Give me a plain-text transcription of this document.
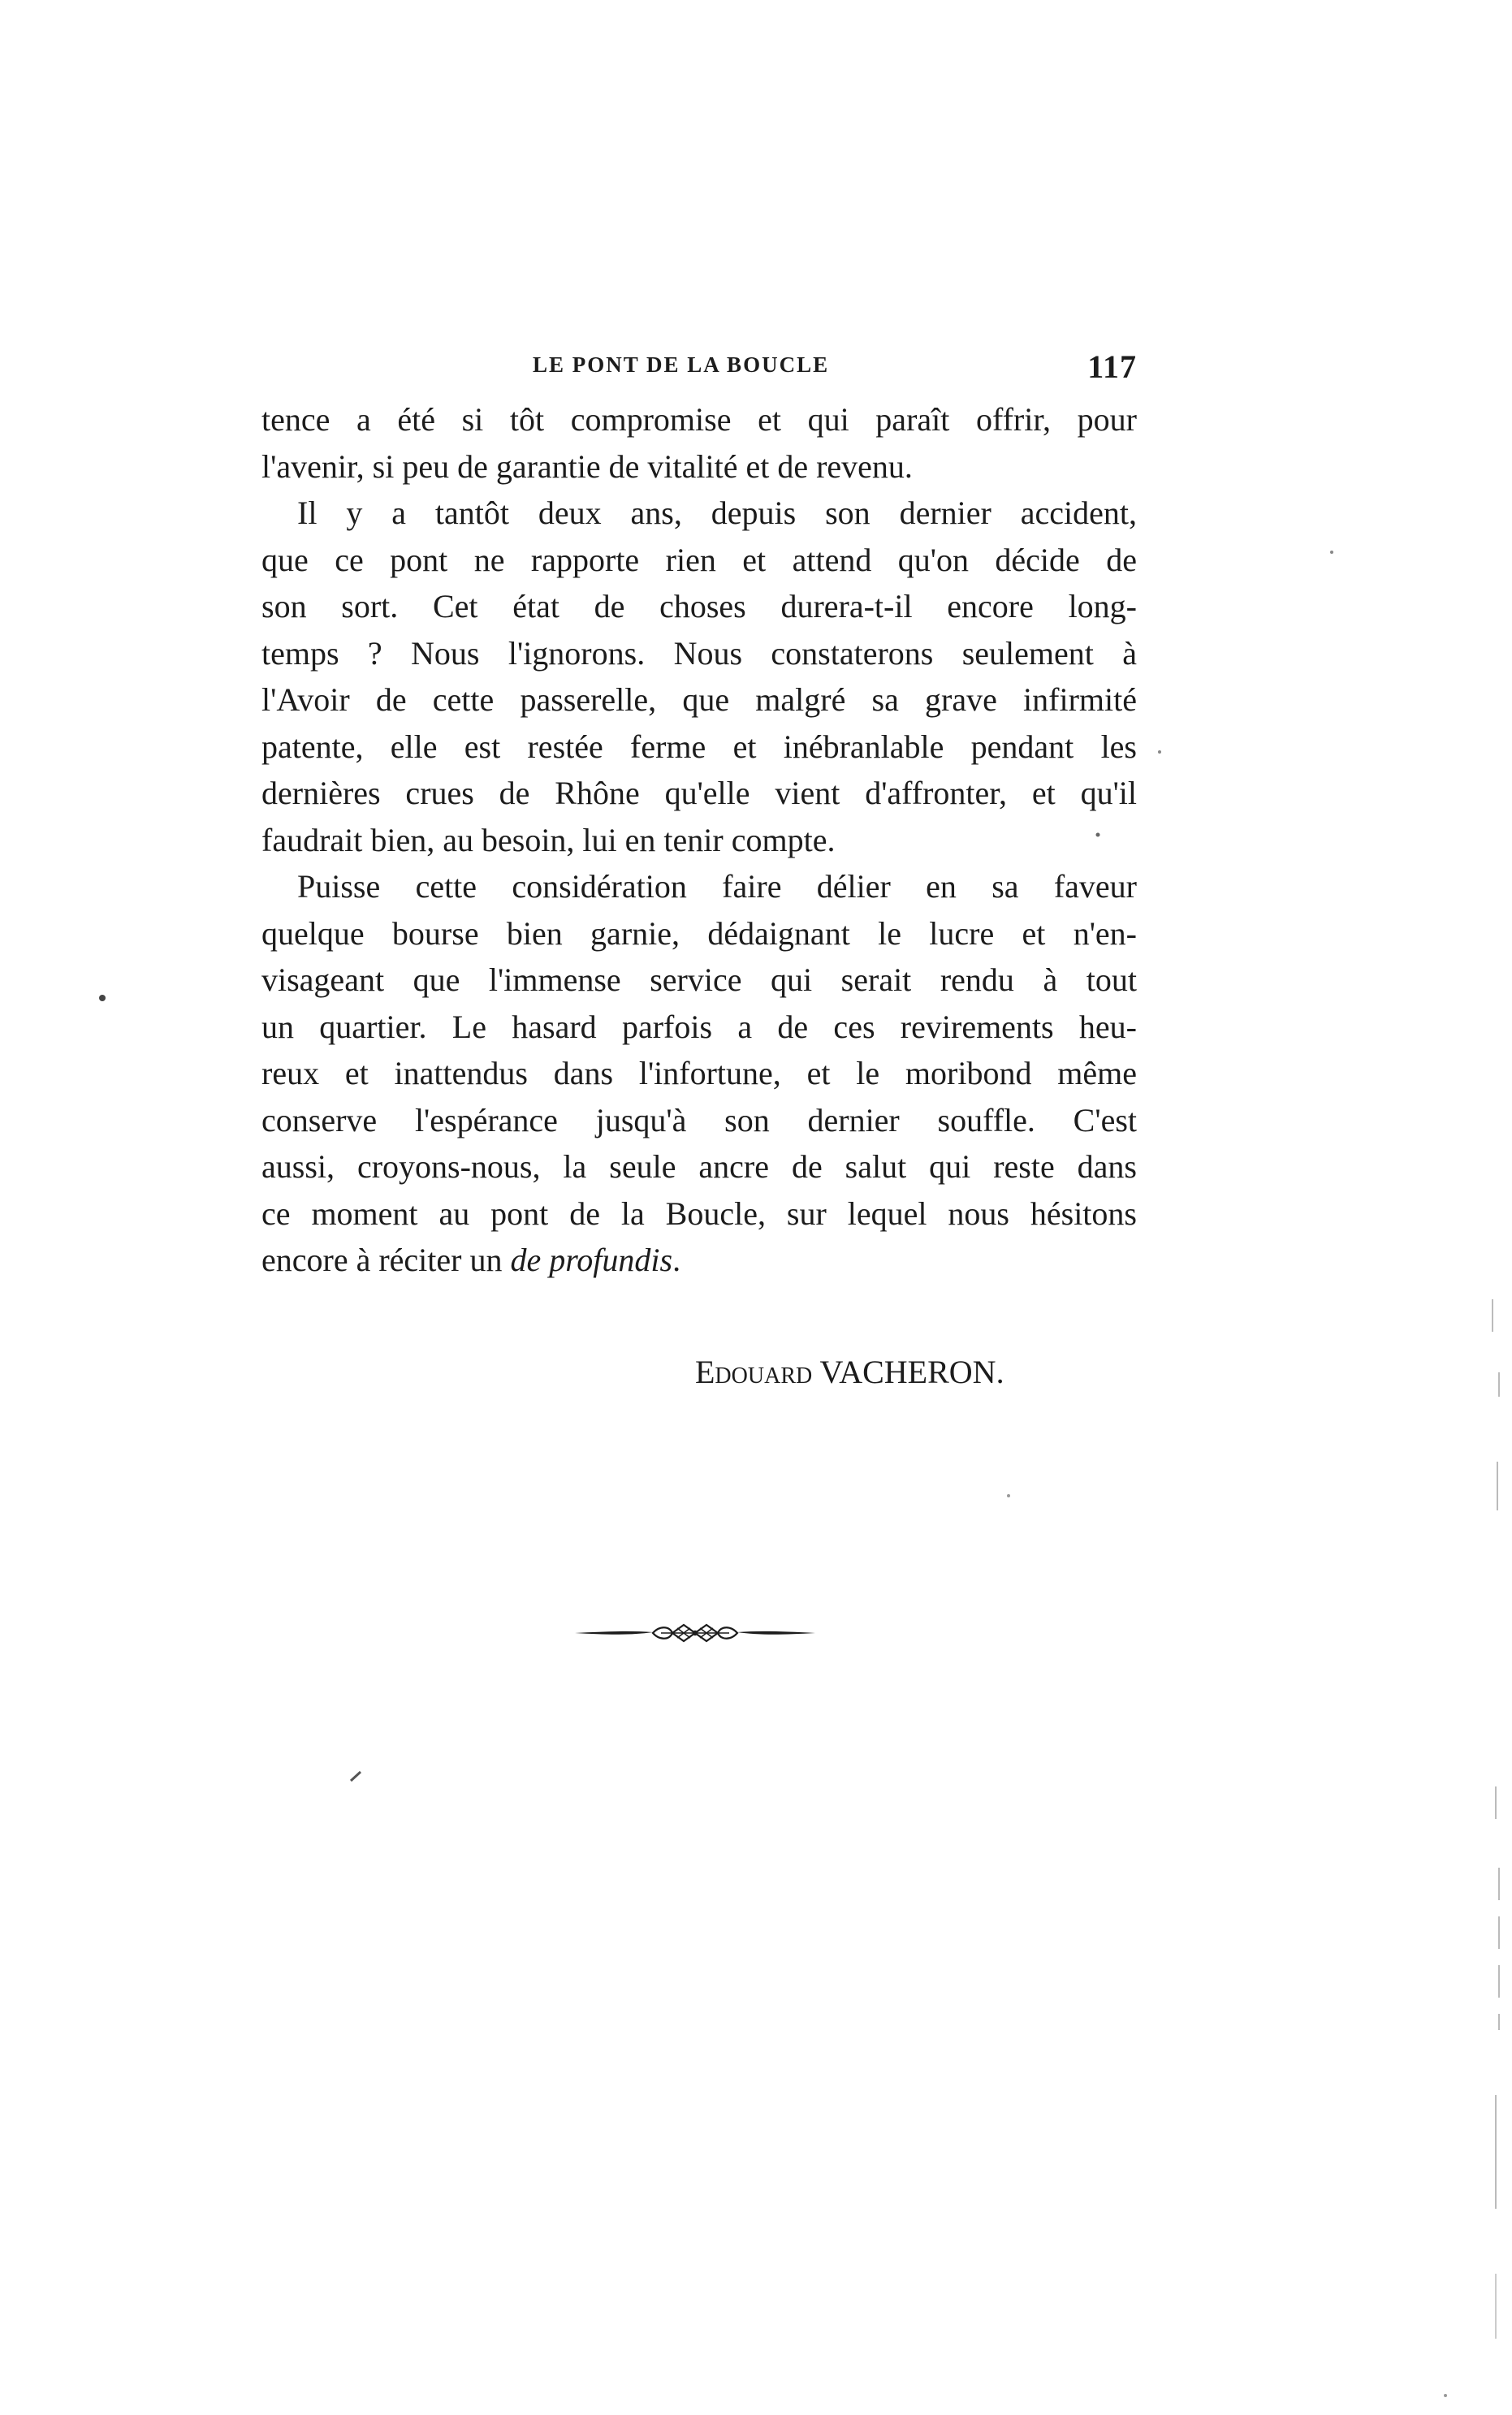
LE PONT DE LA BOUCLE	117
tence a été si tôt compromise et qui paraît offrir, pour
l'avenir, si peu de garantie de vitalité et de revenu.
Il y a tantôt deux ans, depuis son dernier accident,
que ce pont ne rapporte rien et attend qu'on décide de
son sort. Cet état de choses durera-t-il encore long-
temps ? Nous l'ignorons. Nous constaterons seulement à
l'Avoir de cette passerelle, que malgré sa grave infirmité
patente, elle est restée ferme et inébranlable pendant les
dernières crues de Rhône qu'elle vient d'affronter, et qu'il
faudrait bien, au besoin, lui en tenir compte.
Puisse cette considération faire délier en sa faveur
quelque bourse bien garnie, dédaignant le lucre et n'en-
visageant que l'immense service qui serait rendu à tout
un quartier. Le hasard parfois a de ces revirements heu-
reux et inattendus dans l'infortune, et le moribond même
conserve l'espérance jusqu'à son dernier souffle. C'est
aussi, croyons-nous, la seule ancre de salut qui reste dans
ce moment au pont de la Boucle, sur lequel nous hésitons
encore à réciter un de profundis.
Edouard VACHERON.
